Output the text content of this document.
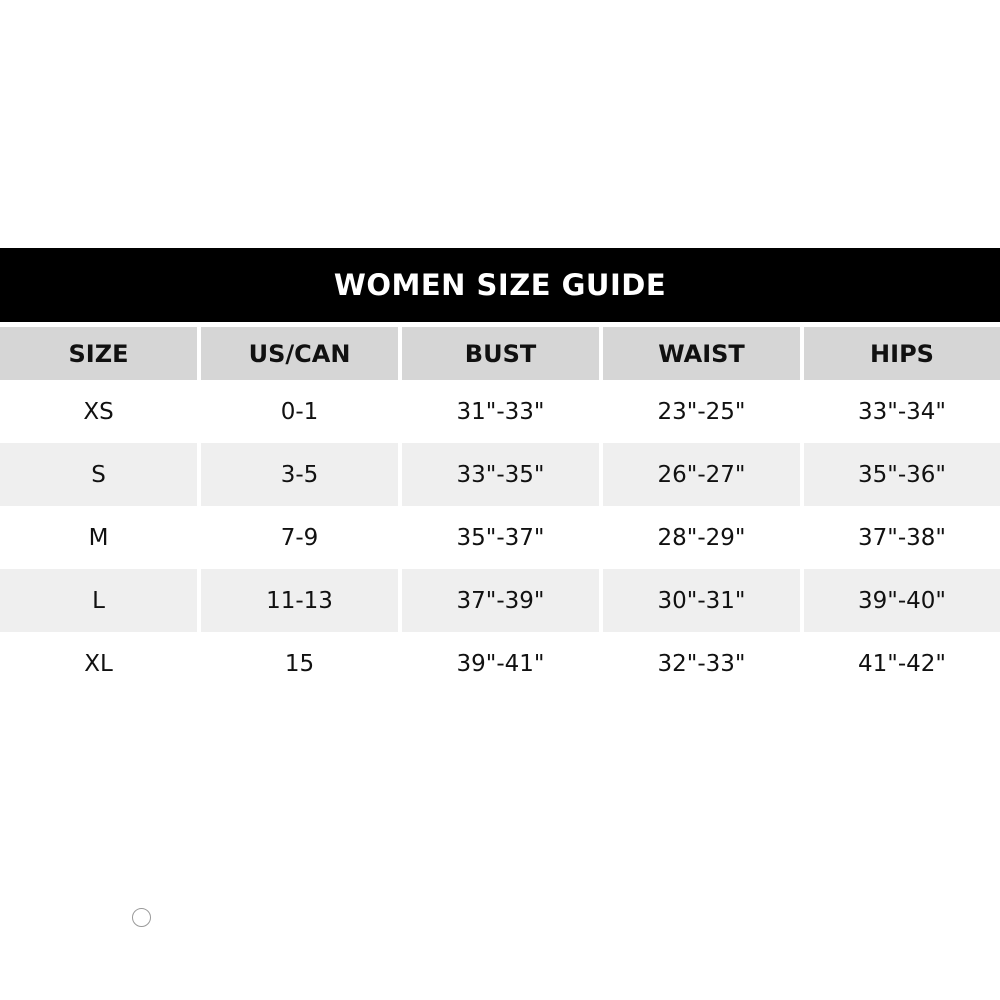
WOMEN SIZE GUIDE
SIZE	US/CAN	BUST	WAIST	HIPS
XS	0-1	31"-33"	23"-25"	33"-34"
S	3-5	33"-35"	26"-27"	35"-36"
M	7-9	35"-37"	28"-29"	37"-38"
L	11-13	37"-39"	30"-31"	39"-40"
XL	15	39"-41"	32"-33"	41"-42"
